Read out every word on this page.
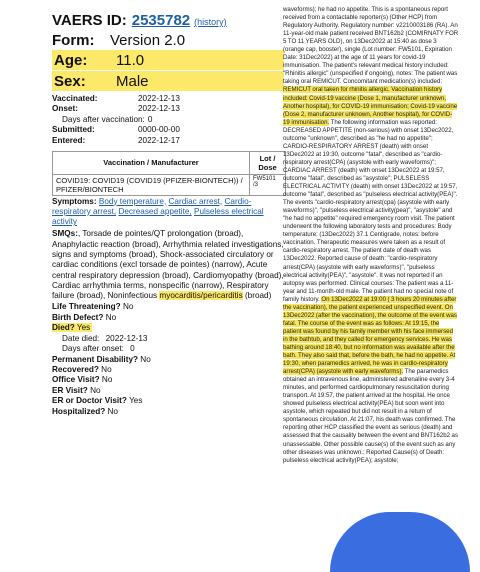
VAERS ID: 2535782 (history)
Form:	Version 2.0
Age:	11.0
Sex:	Male
Vaccinated:	2022-12-13
Onset:	2022-12-13
Days after vaccination: 0
Submitted:	0000-00-00
Entered:	2022-12-17
Vaccination / Manufacturer	Lot / Dose
COVID19: COVID19 (COVID19 (PFIZER-BIONTECH)) / PFIZER/BIONTECH	FW5101 /3
Symptoms: Body temperature, Cardiac arrest, Cardio-respiratory arrest, Decreased appetite, Pulseless electrical activity
SMQs:, Torsade de pointes/QT prolongation (broad), Anaphylactic reaction (broad), Arrhythmia related investigations, signs and symptoms (broad), Shock-associated circulatory or cardiac conditions (excl torsade de pointes) (narrow), Acute central respiratory depression (broad), Cardiomyopathy (broad), Cardiac arrhythmia terms, nonspecific (narrow), Respiratory failure (broad), Noninfectious myocarditis/pericarditis (broad)
Life Threatening? No
Birth Defect? No
Died? Yes
Date died: 2022-12-13
Days after onset: 0
Permanent Disability? No
Recovered? No
Office Visit? No
ER Visit? No
ER or Doctor Visit? Yes
Hospitalized? No
waveforms); he had no appetite. This is a spontaneous report received from a contactable reporter(s) (Other HCP) from Regulatory Authority. Regulatory number: v2210003186 (RA). An 11-year-old male patient received BNT162b2 (COMIRNATY FOR 5 TO 11 YEARS OLD), on 13Dec2022 at 15:40 as dose 3 (orange cap, booster), single (Lot number: FW5101, Expiration Date: 31Dec2022) at the age of 11 years for covid-19 immunisation. The patient's relevant medical history included: "Rhinitis allergic" (unspecified if ongoing), notes: The patient was taking oral REMICUT. Concomitant medication(s) included: REMICUT oral taken for rhinitis allergic. Vaccination history included: Covid-19 vaccine (Dose 1, manufacturer unknown, Another hospital), for COVID-19 immunisation; Covid-19 vaccine (Dose 2, manufacturer unknown, Another hospital), for COVID-19 immunisation. The following information was reported: DECREASED APPETITE (non-serious) with onset 13Dec2022, outcome "unknown", described as "he had no appetite"; CARDIO-RESPIRATORY ARREST (death) with onset 13Dec2022 at 19:30, outcome "fatal", described as "cardio-respiratory arrest(CPA) (asystole with early waveforms)"; CARDIAC ARREST (death) with onset 13Dec2022 at 19:57, outcome "fatal", described as "asystole"; PULSELESS ELECTRICAL ACTIVITY (death) with onset 13Dec2022 at 19:57, outcome "fatal", described as "pulseless electrical activity(PEA)". The events "cardio-respiratory arrest(cpa) (asystole with early waveforms)", "pulseless electrical activity(pea)", "asystole" and "he had no appetite" required emergency room visit. The patient underwent the following laboratory tests and procedures: Body temperature: (13Dec2022) 37.1 Centigrade, notes: before vaccination. Therapeutic measures were taken as a result of cardio-respiratory arrest. The patient date of death was 13Dec2022. Reported cause of death: "cardio-respiratory arrest(CPA) (asystole with early waveforms)", "pulseless electrical activity(PEA)", "asystole". It was not reported if an autopsy was performed. Clinical courses: The patient was a 11-year and 11-month-old male. The patient had no special note of family history. On 13Dec2022 at 19:00 ( 3 hours 20 minutes after the vaccination), the patient experienced unspecified event. On 13Dec2022 (after the vaccination), the outcome of the event was fatal. The course of the event was as follows: At 19:15, the patient was found by his family member with his face immersed in the bathtub, and they called for emergency services. He was bathing around 18:40, but no information was available after the bath. They also said that, before the bath, he had no appetite. At 19:30, when paramedics arrived, he was in cardio-respiratory arrest(CPA) (asystole with early waveforms). The paramedics obtained an intravenous line, administered adrenaline every 3-4 minutes, and performed cardiopulmonary resuscitation during transport. At 19:57, the patient arrived at the hospital. He once showed pulseless electrical activity(PEA) but soon went into asystole, which repeated but did not result in a return of spontaneous circulation. At 21:07, his death was confirmed. The reporting other HCP classified the event as serious (death) and assessed that the causality between the event and BNT162b2 as unassessable. Other possible cause(s) of the event such as any other diseases was unknown.; Reported Cause(s) of Death: pulseless electrical activity(PEA); asystole;
